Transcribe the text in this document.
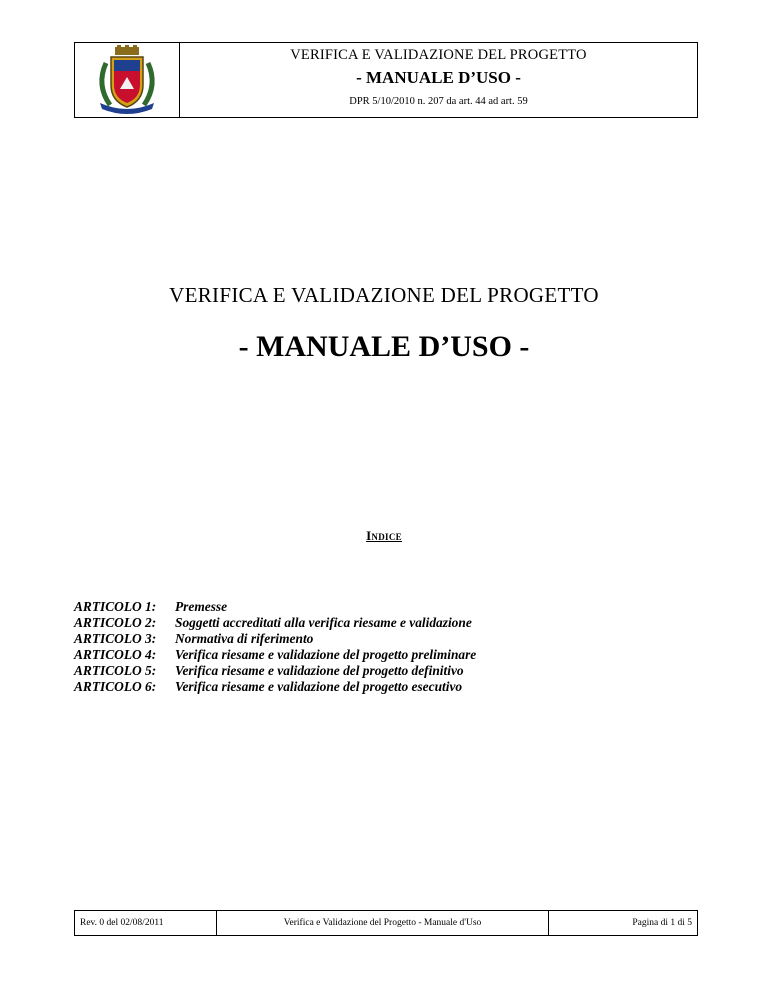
VERIFICA E VALIDAZIONE DEL PROGETTO
- MANUALE D’USO -
DPR 5/10/2010 n. 207 da art. 44 ad art. 59
VERIFICA E VALIDAZIONE DEL PROGETTO
- MANUALE D’USO -
Indice
ARTICOLO 1:	Premesse
ARTICOLO 2:	Soggetti accreditati alla verifica riesame e validazione
ARTICOLO 3:	Normativa di riferimento
ARTICOLO 4:	Verifica riesame e validazione del progetto preliminare
ARTICOLO 5:	Verifica riesame e validazione del progetto definitivo
ARTICOLO 6:	Verifica riesame e validazione del progetto esecutivo
Rev. 0 del 02/08/2011	Verifica e Validazione del Progetto - Manuale d'Uso	Pagina di 1 di 5
